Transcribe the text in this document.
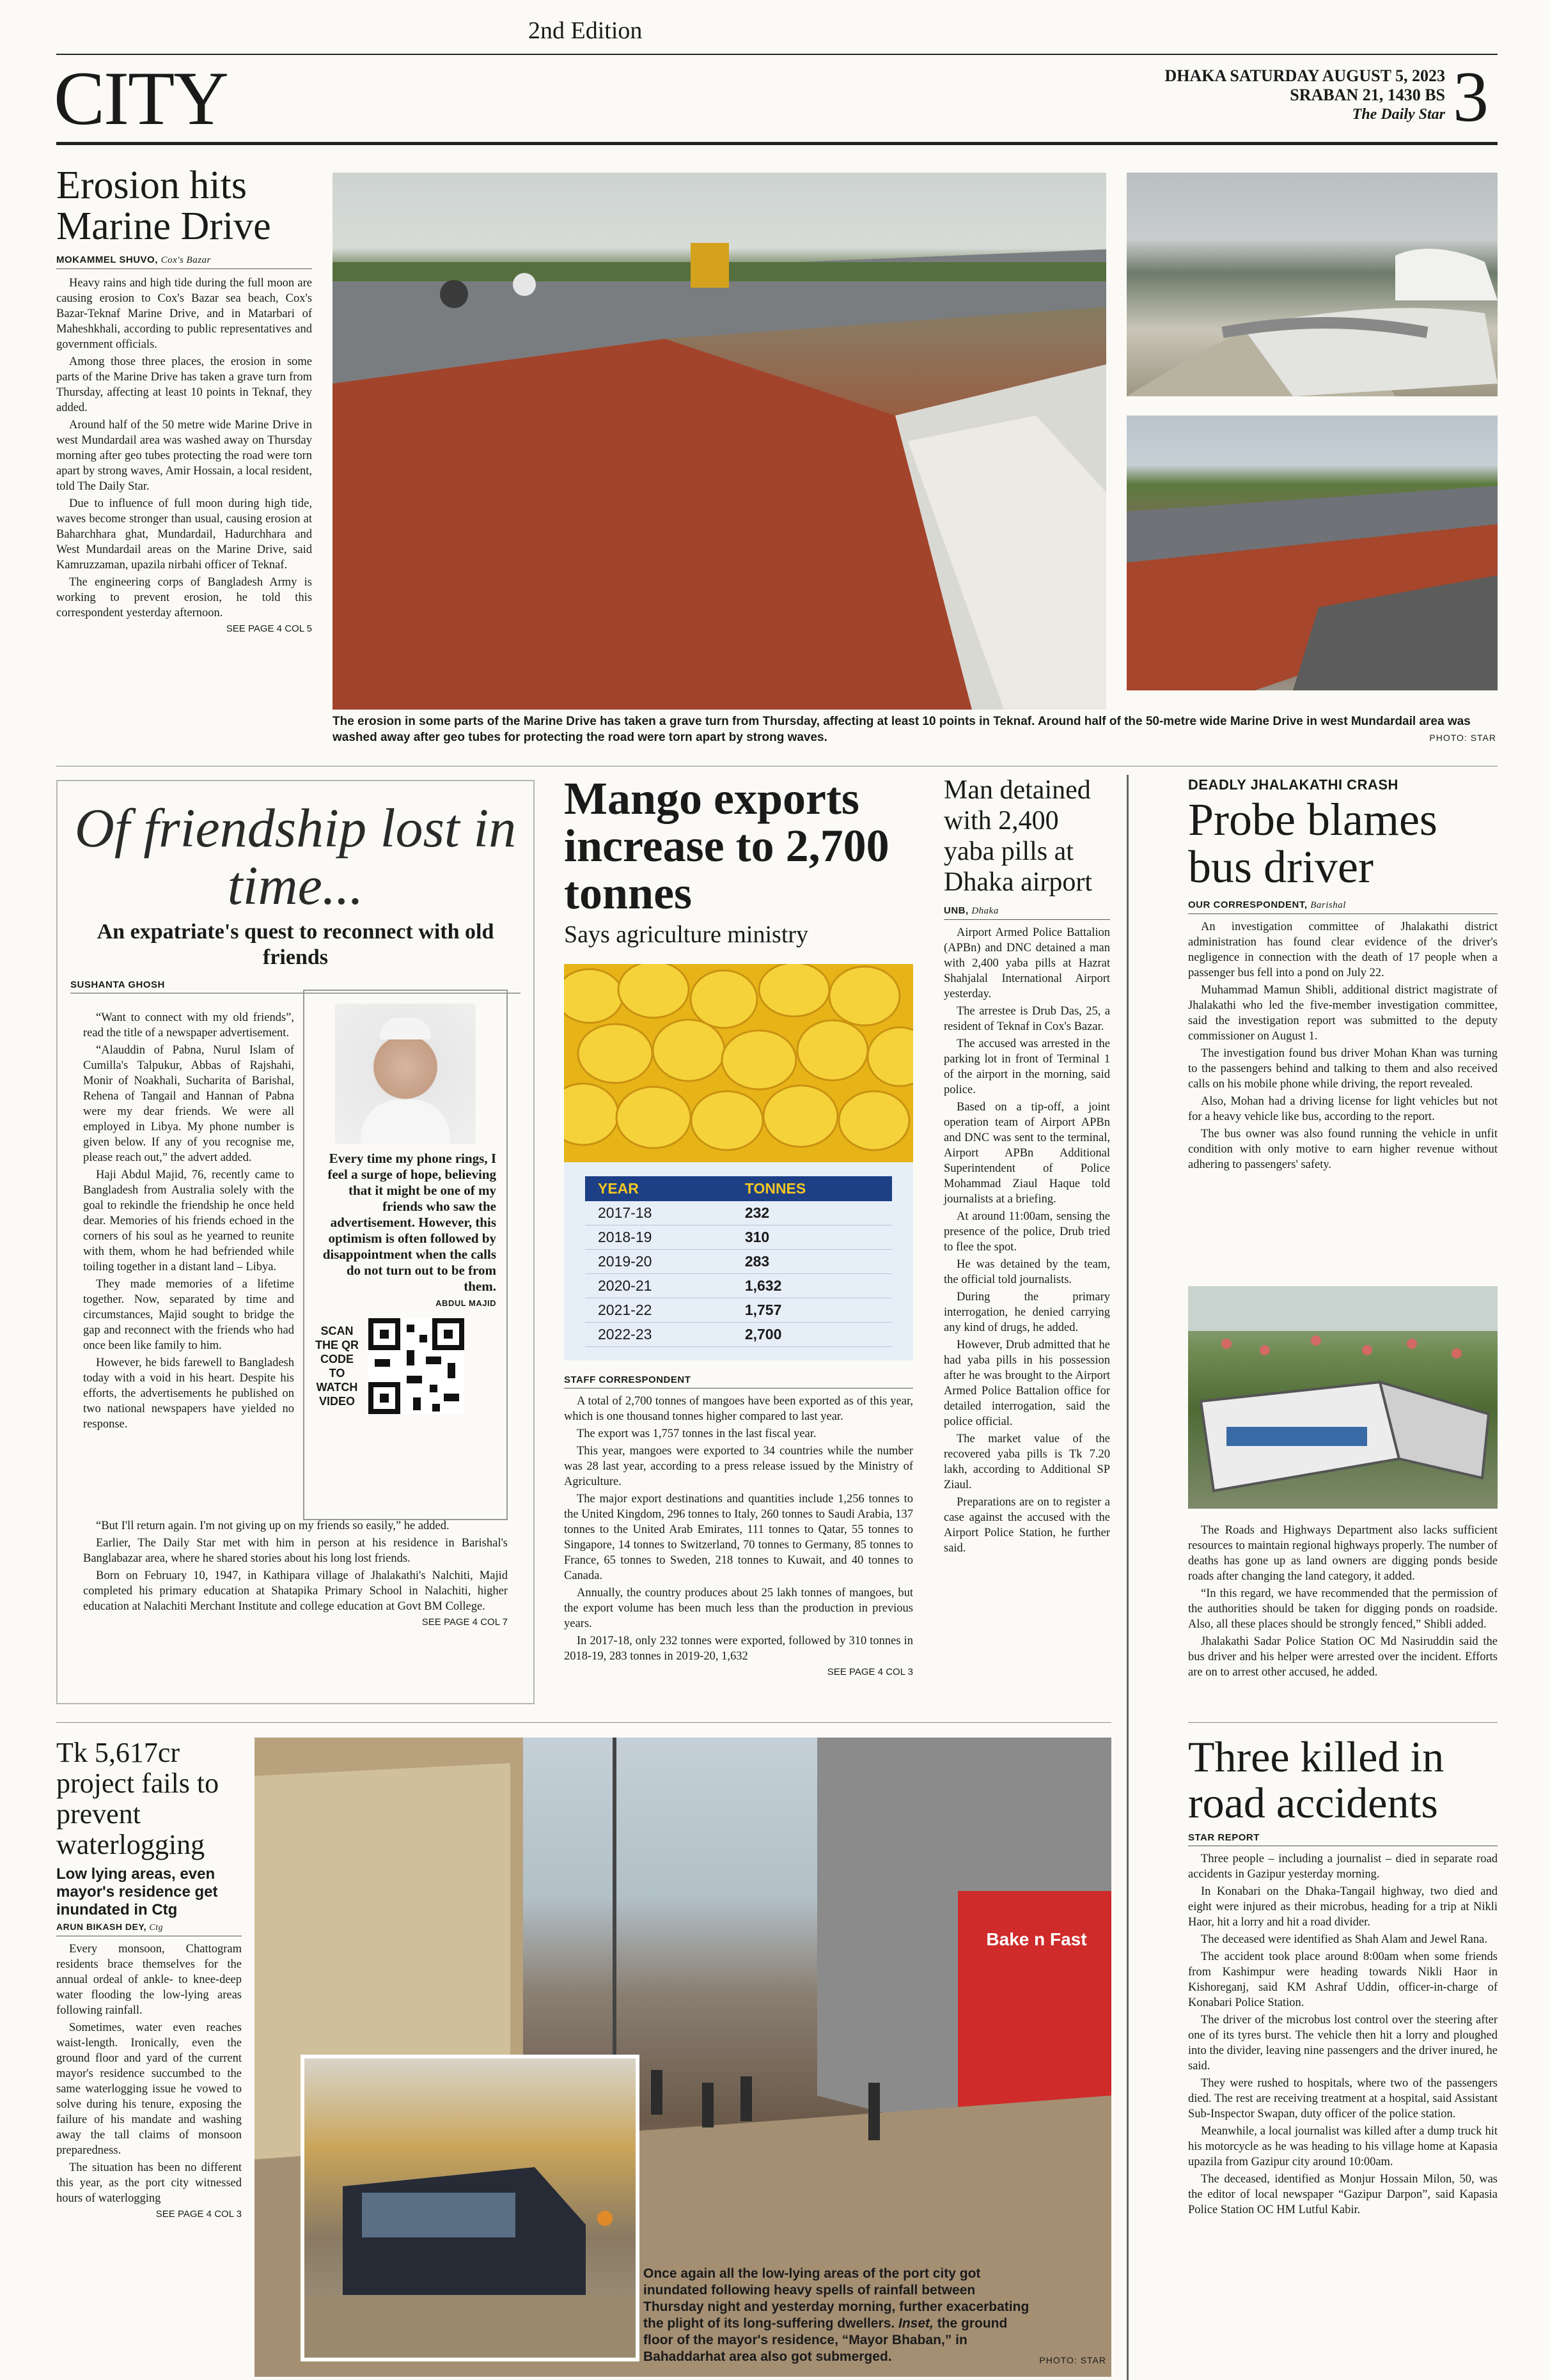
2nd Edition
CITY	DHAKA SATURDAY AUGUST 5, 2023
SRABAN 21, 1430 BS
The Daily Star 3
Erosion hits Marine Drive
MOKAMMEL SHUVO, Cox's Bazar

Heavy rains and high tide during the full moon are causing erosion to Cox's Bazar sea beach, Cox's Bazar-Teknaf Marine Drive, and in Matarbari of Maheshkhali, according to public representatives and government officials.

Among those three places, the erosion in some parts of the Marine Drive has taken a grave turn from Thursday, affecting at least 10 points in Teknaf, they added.

Around half of the 50 metre wide Marine Drive in west Mundardail area was washed away on Thursday morning after geo tubes protecting the road were torn apart by strong waves, Amir Hossain, a local resident, told The Daily Star.

Due to influence of full moon during high tide, waves become stronger than usual, causing erosion at Baharchhara ghat, Mundardail, Hadurchhara and West Mundardail areas on the Marine Drive, said Kamruzzaman, upazila nirbahi officer of Teknaf.

The engineering corps of Bangladesh Army is working to prevent erosion, he told this correspondent yesterday afternoon.

SEE PAGE 4 COL 5
The erosion in some parts of the Marine Drive has taken a grave turn from Thursday, affecting at least 10 points in Teknaf. Around half of the 50-metre wide Marine Drive in west Mundardail area was washed away after geo tubes for protecting the road were torn apart by strong waves.	PHOTO: STAR
Of friendship lost in time...
An expatriate's quest to reconnect with old friends
SUSHANTA GHOSH

“Want to connect with my old friends”, read the title of a newspaper advertisement.

“Alauddin of Pabna, Nurul Islam of Cumilla's Talpukur, Abbas of Rajshahi, Monir of Noakhali, Sucharita of Barishal, Rehena of Tangail and Hannan of Pabna were my dear friends. We were all employed in Libya. My phone number is given below. If any of you recognise me, please reach out,” the advert added.

Haji Abdul Majid, 76, recently came to Bangladesh from Australia solely with the goal to rekindle the friendship he once held dear. Memories of his friends echoed in the corners of his soul as he yearned to reunite with them, whom he had befriended while toiling together in a distant land – Libya.

They made memories of a lifetime together. Now, separated by time and circumstances, Majid sought to bridge the gap and reconnect with the friends who had once been like family to him.

However, he bids farewell to Bangladesh today with a void in his heart. Despite his efforts, the advertisements he published on two national newspapers have yielded no response.

“But I'll return again. I'm not giving up on my friends so easily,” he added.

Earlier, The Daily Star met with him in person at his residence in Barishal's Banglabazar area, where he shared stories about his long lost friends.

Born on February 10, 1947, in Kathipara village of Jhalakathi's Nalchiti, Majid completed his primary education at Shatapika Primary School in Nalachiti, higher education at Nalachiti Merchant Institute and college education at Govt BM College.

SEE PAGE 4 COL 7
Every time my phone rings, I feel a surge of hope, believing that it might be one of my friends who saw the advertisement. However, this optimism is often followed by disappointment when the calls do not turn out to be from them.
ABDUL MAJID
SCAN THE QR CODE TO WATCH VIDEO
Mango exports increase to 2,700 tonnes
Says agriculture ministry
YEAR	TONNES
2017-18	232
2018-19	310
2019-20	283
2020-21	1,632
2021-22	1,757
2022-23	2,700
STAFF CORRESPONDENT

A total of 2,700 tonnes of mangoes have been exported as of this year, which is one thousand tonnes higher compared to last year.

The export was 1,757 tonnes in the last fiscal year.

This year, mangoes were exported to 34 countries while the number was 28 last year, according to a press release issued by the Ministry of Agriculture.

The major export destinations and quantities include 1,256 tonnes to the United Kingdom, 296 tonnes to Italy, 260 tonnes to Saudi Arabia, 137 tonnes to the United Arab Emirates, 111 tonnes to Qatar, 55 tonnes to Singapore, 14 tonnes to Switzerland, 70 tonnes to Germany, 85 tonnes to France, 65 tonnes to Sweden, 218 tonnes to Kuwait, and 40 tonnes to Canada.

Annually, the country produces about 25 lakh tonnes of mangoes, but the export volume has been much less than the production in previous years.

In 2017-18, only 232 tonnes were exported, followed by 310 tonnes in 2018-19, 283 tonnes in 2019-20, 1,632

SEE PAGE 4 COL 3
Man detained with 2,400 yaba pills at Dhaka airport
UNB, Dhaka

Airport Armed Police Battalion (APBn) and DNC detained a man with 2,400 yaba pills at Hazrat Shahjalal International Airport yesterday.

The arrestee is Drub Das, 25, a resident of Teknaf in Cox's Bazar.

The accused was arrested in the parking lot in front of Terminal 1 of the airport in the morning, said police.

Based on a tip-off, a joint operation team of Airport APBn and DNC was sent to the terminal, Airport APBn Additional Superintendent of Police Mohammad Ziaul Haque told journalists at a briefing.

At around 11:00am, sensing the presence of the police, Drub tried to flee the spot.

He was detained by the team, the official told journalists.

During the primary interrogation, he denied carrying any kind of drugs, he added.

However, Drub admitted that he had yaba pills in his possession after he was brought to the Airport Armed Police Battalion office for detailed interrogation, said the police official.

The market value of the recovered yaba pills is Tk 7.20 lakh, according to Additional SP Ziaul.

Preparations are on to register a case against the accused with the Airport Police Station, he further said.

DEADLY JHALAKATHI CRASH
Probe blames bus driver
OUR CORRESPONDENT, Barishal

An investigation committee of Jhalakathi district administration has found clear evidence of the driver's negligence in connection with the death of 17 people when a passenger bus fell into a pond on July 22.

Muhammad Mamun Shibli, additional district magistrate of Jhalakathi who led the five-member investigation committee, said the investigation report was submitted to the deputy commissioner on August 1.

The investigation found bus driver Mohan Khan was turning to the passengers behind and talking to them and also received calls on his mobile phone while driving, the report revealed.

Also, Mohan had a driving license for light vehicles but not for a heavy vehicle like bus, according to the report.

The bus owner was also found running the vehicle in unfit condition with only motive to earn higher revenue without adhering to passengers' safety.

The Roads and Highways Department also lacks sufficient resources to maintain regional highways properly. The number of deaths has gone up as land owners are digging ponds beside roads after changing the land category, it added.

“In this regard, we have recommended that the permission of the authorities should be taken for digging ponds on roadside. Also, all these places should be strongly fenced,” Shibli added.

Jhalakathi Sadar Police Station OC Md Nasiruddin said the bus driver and his helper were arrested over the incident. Efforts are on to arrest other accused, he added.

Tk 5,617cr project fails to prevent waterlogging
Low lying areas, even mayor's residence get inundated in Ctg
ARUN BIKASH DEY, Ctg

Every monsoon, Chattogram residents brace themselves for the annual ordeal of ankle- to knee-deep water flooding the low-lying areas following rainfall.

Sometimes, water even reaches waist-length. Ironically, even the ground floor and yard of the current mayor's residence succumbed to the same waterlogging issue he vowed to solve during his tenure, exposing the failure of his mandate and washing away the tall claims of monsoon preparedness.

The situation has been no different this year, as the port city witnessed hours of waterlogging

SEE PAGE 4 COL 3
Bake n Fast
Once again all the low-lying areas of the port city got inundated following heavy spells of rainfall between Thursday night and yesterday morning, further exacerbating the plight of its long-suffering dwellers. Inset, the ground floor of the mayor's residence, “Mayor Bhaban,” in Bahaddarhat area also got submerged.	PHOTO: STAR
Three killed in road accidents
STAR REPORT

Three people – including a journalist – died in separate road accidents in Gazipur yesterday morning.

In Konabari on the Dhaka-Tangail highway, two died and eight were injured as their microbus, heading for a trip at Nikli Haor, hit a lorry and hit a road divider.

The deceased were identified as Shah Alam and Jewel Rana.

The accident took place around 8:00am when some friends from Kashimpur were heading towards Nikli Haor in Kishoreganj, said KM Ashraf Uddin, officer-in-charge of Konabari Police Station.

The driver of the microbus lost control over the steering after one of its tyres burst. The vehicle then hit a lorry and ploughed into the divider, leaving nine passengers and the driver inured, he said.

They were rushed to hospitals, where two of the passengers died. The rest are receiving treatment at a hospital, said Assistant Sub-Inspector Swapan, duty officer of the police station.

Meanwhile, a local journalist was killed after a dump truck hit his motorcycle as he was heading to his village home at Kapasia upazila from Gazipur city around 10:00am.

The deceased, identified as Monjur Hossain Milon, 50, was the editor of local newspaper “Gazipur Darpon”, said Kapasia Police Station OC HM Lutful Kabir.
